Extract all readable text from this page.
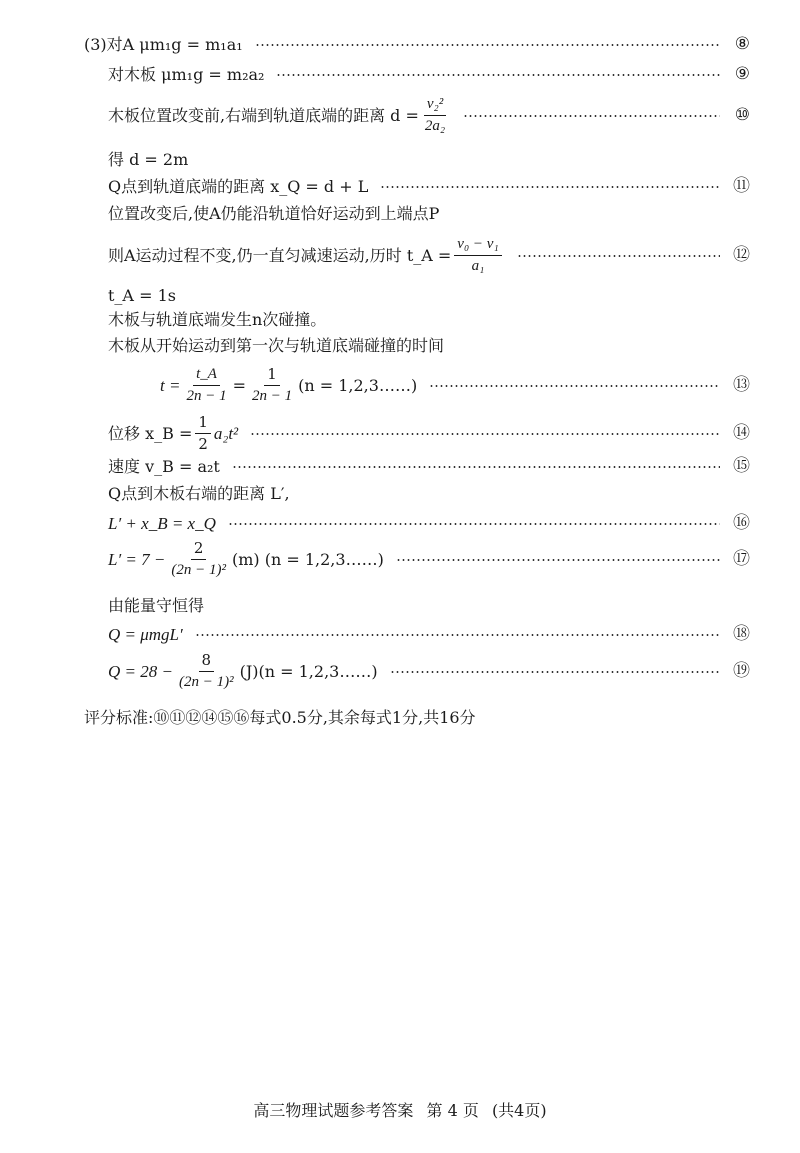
(3)对A μm₁g = m₁a₁	⑧
对木板 μm₁g = m₂a₂	⑨
木板位置改变前,右端到轨道底端的距离 $d = \frac{\text{v₂²}}{\text{2a₂}}$	⑩
得 d = 2m
Q点到轨道底端的距离 x_Q = d + L	⑪
位置改变后,使A仍能沿轨道恰好运动到上端点P
则A运动过程不变,仍一直匀减速运动,历时 t_A = $\frac{\text{v₀ − v₁}}{\text{a₁}}$	⑫
t_A = 1s
木板与轨道底端发生n次碰撞。
木板从开始运动到第一次与轨道底端碰撞的时间
$t = \frac{t\_A}{2n - 1} = \frac{1}{2n - 1} (n$ = 1,2,3……)	⑬
位移 x_B = $\frac{1}{2} a_2t^2$	⑭
速度 v_B = a₂t	⑮
Q点到木板右端的距离 L′,
L′ + x_B = x_Q	⑯
$L' = 7 - \frac{2}{\text{(2n − 1)²}} (m) (n$ = 1,2,3……)	⑰
由能量守恒得
Q = μmgL′	⑱
$Q = 28 - \frac{8}{\text{(2n − 1)²}} (J)(n$ = 1,2,3……)	⑲
评分标准:⑩⑪⑫⑭⑮⑯每式0.5分,其余每式1分,共16分
高三物理试题参考答案 第 4 页 (共4页)
